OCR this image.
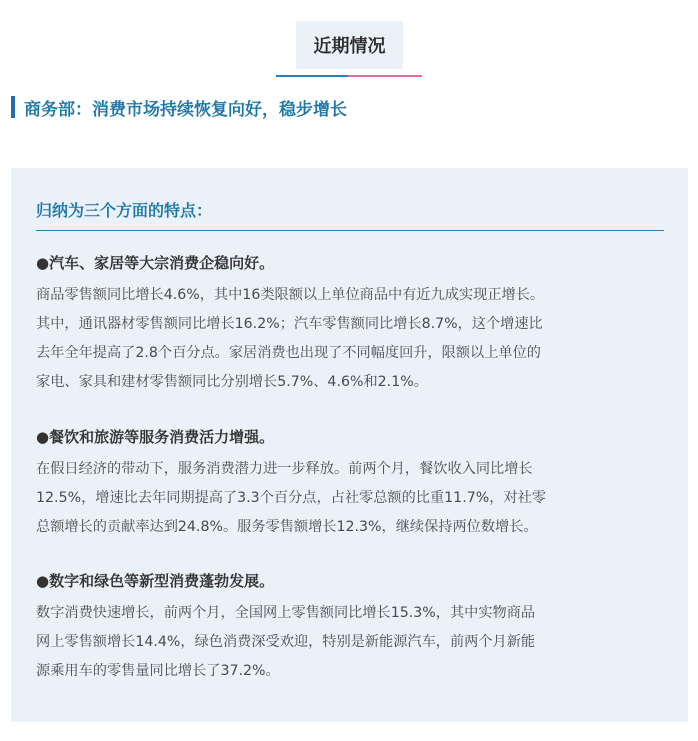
近期情况
商务部：消费市场持续恢复向好，稳步增长
归纳为三个方面的特点：
●汽车、家居等大宗消费企稳向好。
商品零售额同比增长4.6%，其中16类限额以上单位商品中有近九成实现正增长。
其中，通讯器材零售额同比增长16.2%；汽车零售额同比增长8.7%，这个增速比
去年全年提高了2.8个百分点。家居消费也出现了不同幅度回升，限额以上单位的
家电、家具和建材零售额同比分别增长5.7%、4.6%和2.1%。
●餐饮和旅游等服务消费活力增强。
在假日经济的带动下，服务消费潜力进一步释放。前两个月，餐饮收入同比增长
12.5%，增速比去年同期提高了3.3个百分点，占社零总额的比重11.7%，对社零
总额增长的贡献率达到24.8%。服务零售额增长12.3%，继续保持两位数增长。
●数字和绿色等新型消费蓬勃发展。
数字消费快速增长，前两个月，全国网上零售额同比增长15.3%，其中实物商品
网上零售额增长14.4%，绿色消费深受欢迎，特别是新能源汽车，前两个月新能
源乘用车的零售量同比增长了37.2%。
